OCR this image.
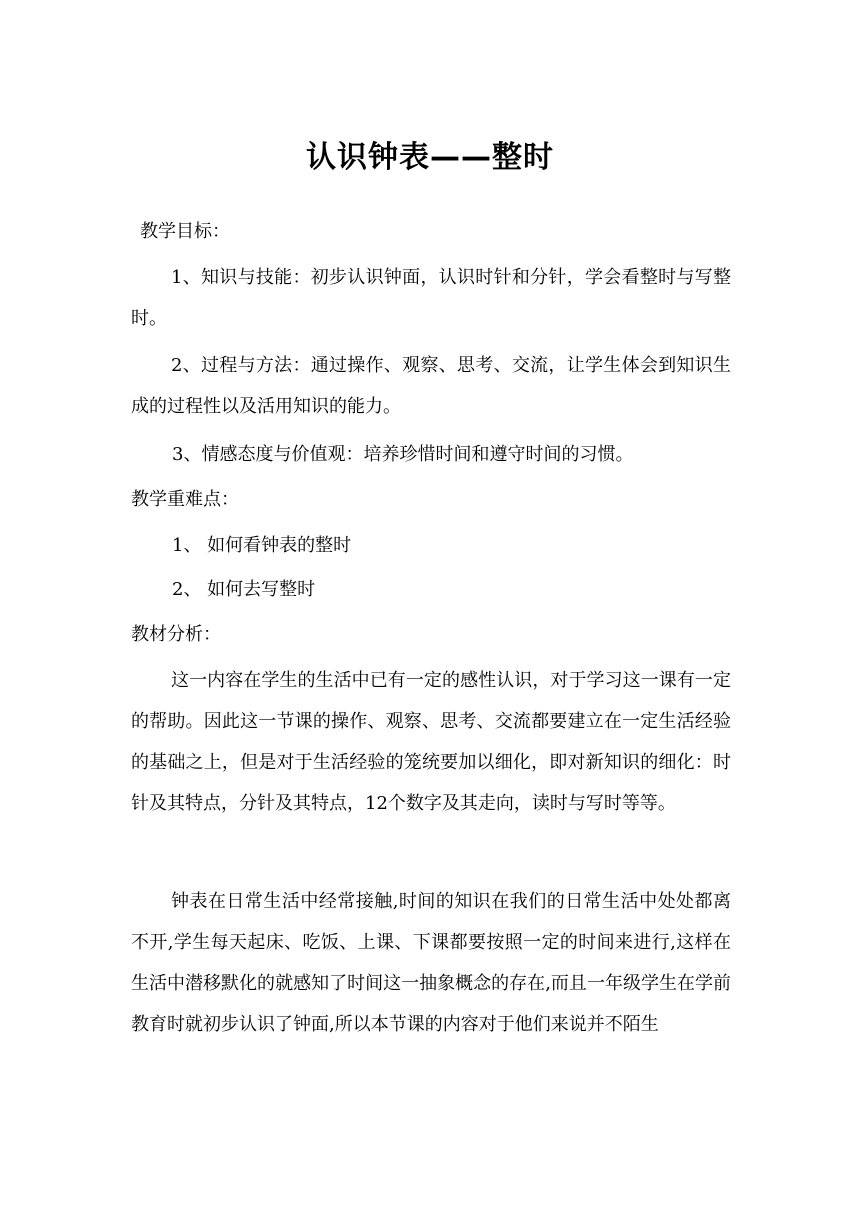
认识钟表——整时
教学目标：

1、知识与技能：初步认识钟面，认识时针和分针，学会看整时与写整时。

2、过程与方法：通过操作、观察、思考、交流，让学生体会到知识生成的过程性以及活用知识的能力。

3、情感态度与价值观：培养珍惜时间和遵守时间的习惯。
教学重难点：
1、 如何看钟表的整时
2、 如何去写整时
教材分析：

这一内容在学生的生活中已有一定的感性认识，对于学习这一课有一定的帮助。因此这一节课的操作、观察、思考、交流都要建立在一定生活经验的基础之上，但是对于生活经验的笼统要加以细化，即对新知识的细化：时针及其特点，分针及其特点，12个数字及其走向，读时与写时等等。

钟表在日常生活中经常接触,时间的知识在我们的日常生活中处处都离不开,学生每天起床、吃饭、上课、下课都要按照一定的时间来进行,这样在生活中潜移默化的就感知了时间这一抽象概念的存在,而且一年级学生在学前教育时就初步认识了钟面,所以本节课的内容对于他们来说并不陌生
